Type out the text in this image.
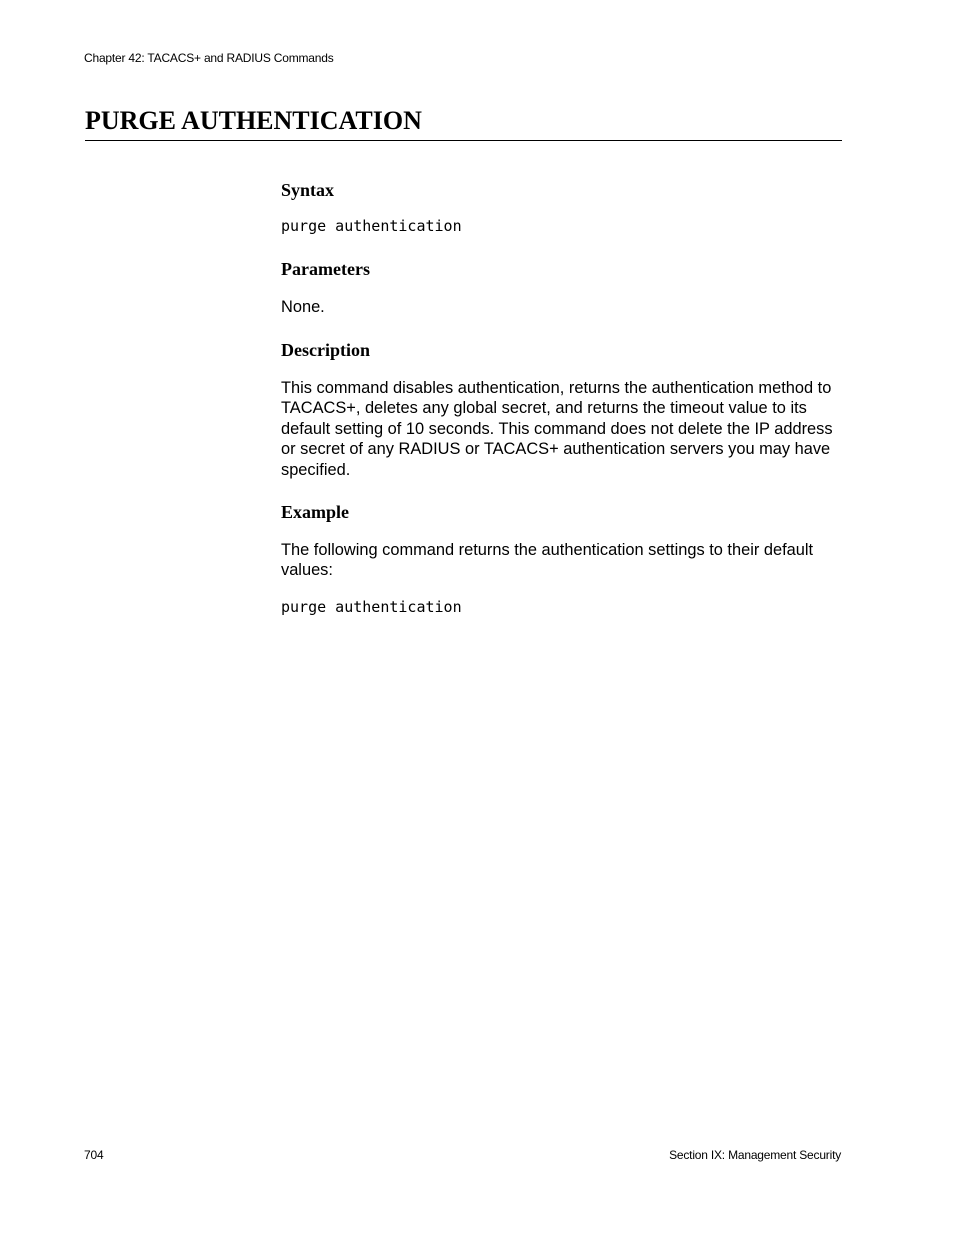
Chapter 42: TACACS+ and RADIUS Commands
PURGE AUTHENTICATION
Syntax
purge authentication
Parameters

None.

Description

This command disables authentication, returns the authentication method to TACACS+, deletes any global secret, and returns the timeout value to its default setting of 10 seconds. This command does not delete the IP address or secret of any RADIUS or TACACS+ authentication servers you may have specified.

Example

The following command returns the authentication settings to their default values:

purge authentication
704	Section IX: Management Security
